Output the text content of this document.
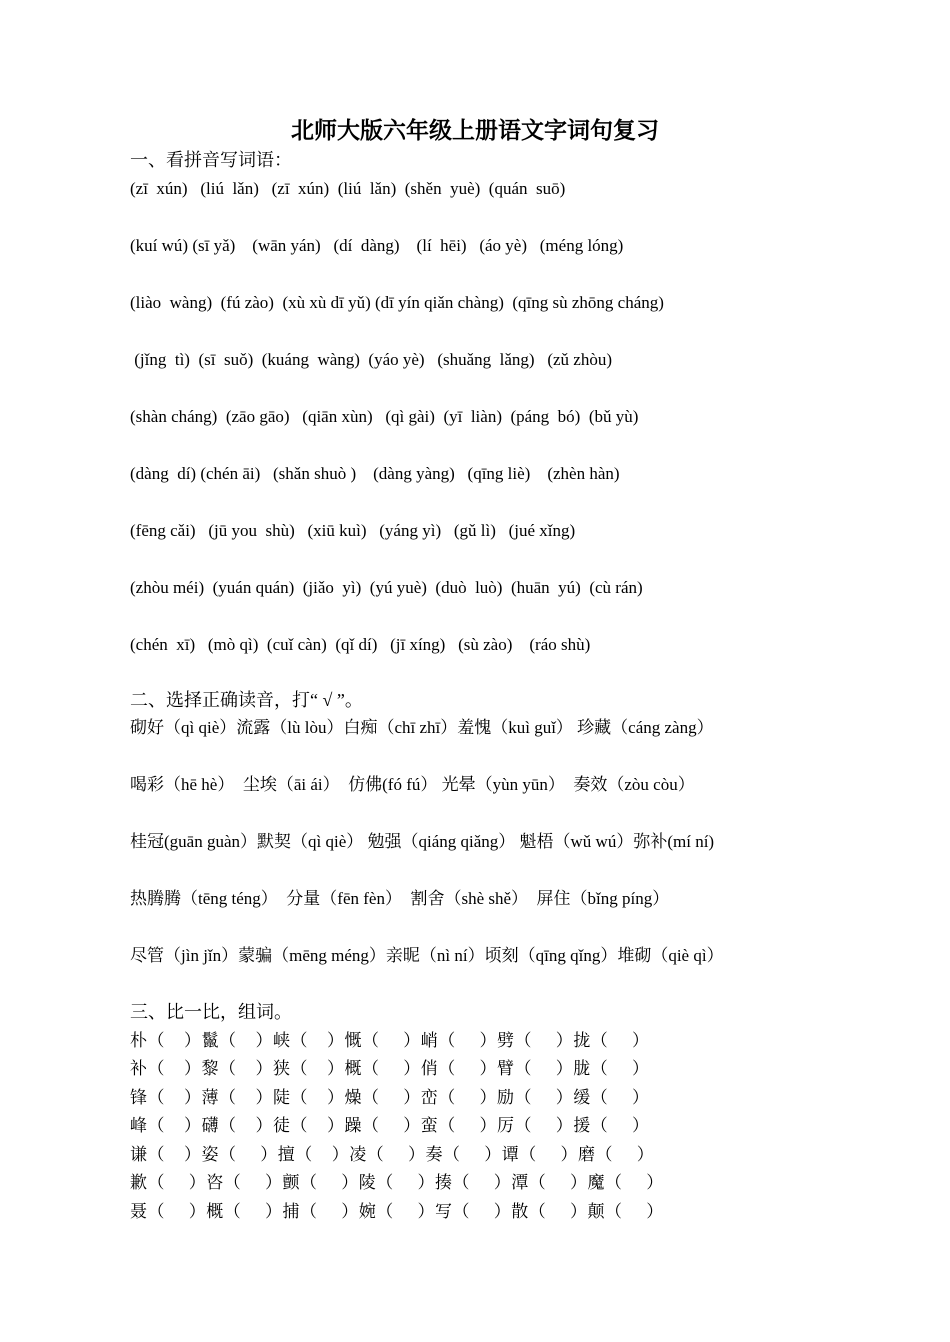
北师大版六年级上册语文字词句复习
一、看拼音写词语：
(zī  xún)   (liú  lǎn)   (zī  xún)  (liú  lǎn)  (shěn  yuè)  (quán  suō)
(kuí wú) (sī yǎ)    (wān yán)   (dí  dàng)    (lí  hēi)   (áo yè)   (méng lóng)
(liào  wàng)  (fú zào)  (xù xù dī yǔ) (dī yín qiǎn chàng)  (qīng sù zhōng cháng)
(jǐng  tì)  (sī  suǒ)  (kuáng  wàng)  (yáo yè)   (shuǎng  lǎng)   (zǔ zhòu)
(shàn cháng)  (zāo gāo)   (qiān xùn)   (qì gài)  (yī  liàn)  (páng  bó)  (bǔ yù)
(dàng  dí) (chén āi)   (shǎn shuò )    (dàng yàng)   (qīng liè)    (zhèn hàn)
(fēng cǎi)   (jū you  shù)   (xiū kuì)   (yáng yì)   (gǔ lì)   (jué xǐng)
(zhòu méi)  (yuán quán)  (jiǎo  yì)  (yú yuè)  (duò  luò)  (huān  yú)  (cù rán)
(chén  xī)   (mò qì)  (cuǐ càn)  (qǐ dí)   (jī xíng)   (sù zào)    (ráo shù)
二、选择正确读音，打“ √ ”。
砌好（qì qiè）流露（lù lòu）白痴（chī zhī）羞愧（kuì guǐ） 珍藏（cáng zàng）
喝彩（hē hè）  尘埃（āi ái）  仿佛(fó fú） 光晕（yùn yūn）  奏效（zòu còu）
桂冠(guān guàn）默契（qì qiè） 勉强（qiáng qiǎng） 魁梧（wǔ wú）弥补(mí ní)
热腾腾（tēng téng）  分量（fēn fèn）  割舍（shè shě）  屏住（bǐng píng）
尽管（jìn jǐn）蒙骗（mēng méng）亲昵（nì ní）顷刻（qīng qǐng）堆砌（qiè qì）
三、比一比，组词。
朴（    ）鬣（    ）峡（    ）慨（     ）峭（     ）劈（     ）拢（     ）
补（    ）黎（    ）狭（    ）概（     ）俏（     ）臂（     ）胧（     ）
锋（    ）薄（    ）陡（    ）燥（     ）峦（     ）励（     ）缓（     ）
峰（    ）礴（    ）徒（    ）躁（     ）蛮（     ）厉（     ）援（     ）
谦（    ）姿（     ）擅（    ）凌（     ）奏（     ）谭（     ）磨（     ）
歉（     ）咨（     ）颤（     ）陵（     ）揍（     ）潭（     ）魔（     ）
聂（     ）概（     ）捕（     ）婉（     ）写（     ）散（     ）颠（     ）
